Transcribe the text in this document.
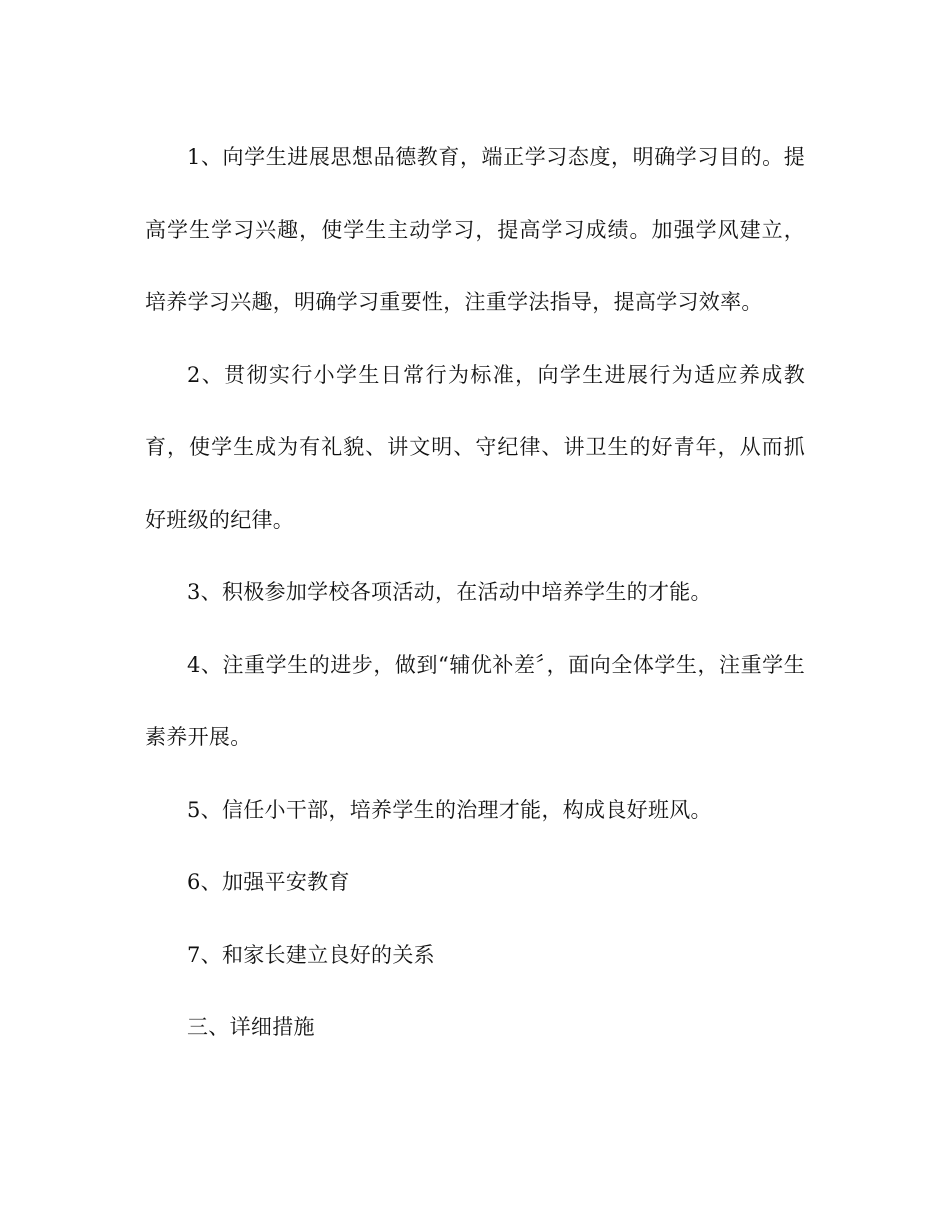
1、向学生进展思想品德教育，端正学习态度，明确学习目的。提高学生学习兴趣，使学生主动学习，提高学习成绩。加强学风建立，培养学习兴趣，明确学习重要性，注重学法指导，提高学习效率。

2、贯彻实行小学生日常行为标准，向学生进展行为适应养成教育，使学生成为有礼貌、讲文明、守纪律、讲卫生的好青年，从而抓好班级的纪律。

3、积极参加学校各项活动，在活动中培养学生的才能。

4、注重学生的进步，做到“辅优补差〞，面向全体学生，注重学生素养开展。

5、信任小干部，培养学生的治理才能，构成良好班风。

6、加强平安教育

7、和家长建立良好的关系

三、详细措施
